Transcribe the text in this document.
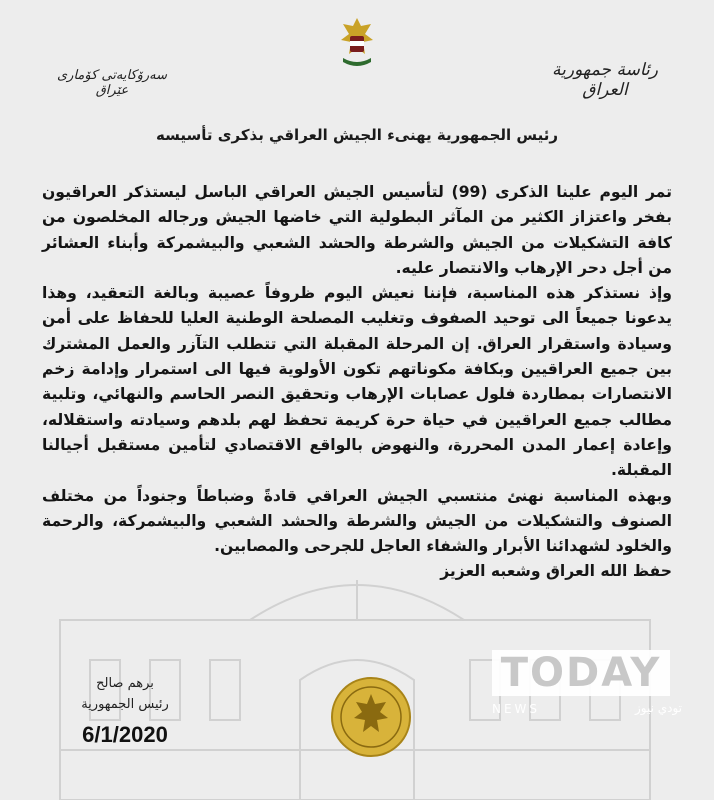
سەرۆکایەتی کۆماری عێراق
رئاسة جمهورية العراق
رئيس الجمهورية يهنىء الجيش العراقي بذكرى تأسيسه

تمر اليوم علينا الذكرى (99) لتأسيس الجيش العراقي الباسل ليستذكر العراقيون بفخر واعتزاز الكثير من المآثر البطولية التي خاضها الجيش ورجاله المخلصون من كافة التشكيلات من الجيش والشرطة والحشد الشعبي والبيشمركة وأبناء العشائر من أجل دحر الإرهاب والانتصار عليه.

وإذ نستذكر هذه المناسبة، فإننا نعيش اليوم ظروفاً عصيبة وبالغة التعقيد، وهذا يدعونا جميعاً الى توحيد الصفوف وتغليب المصلحة الوطنية العليا للحفاظ على أمن وسيادة واستقرار العراق. إن المرحلة المقبلة التي تتطلب التآزر والعمل المشترك بين جميع العراقيين وبكافة مكوناتهم تكون الأولوية فيها الى استمرار وإدامة زخم الانتصارات بمطاردة فلول عصابات الإرهاب وتحقيق النصر الحاسم والنهائي، وتلبية مطالب جميع العراقيين في حياة حرة كريمة تحفظ لهم بلدهم وسيادته واستقلاله، وإعادة إعمار المدن المحررة، والنهوض بالواقع الاقتصادي لتأمين مستقبل أجيالنا المقبلة.

وبهذه المناسبة نهنئ منتسبي الجيش العراقي قادةً وضباطاً وجنوداً من مختلف الصنوف والتشكيلات من الجيش والشرطة والحشد الشعبي والبيشمركة، والرحمة والخلود لشهدائنا الأبرار والشفاء العاجل للجرحى والمصابين.

حفظ الله العراق وشعبه العزيز

برهم صالح
رئيس الجمهورية
6/1/2020
TODAY
NEWS	تودي نيوز
